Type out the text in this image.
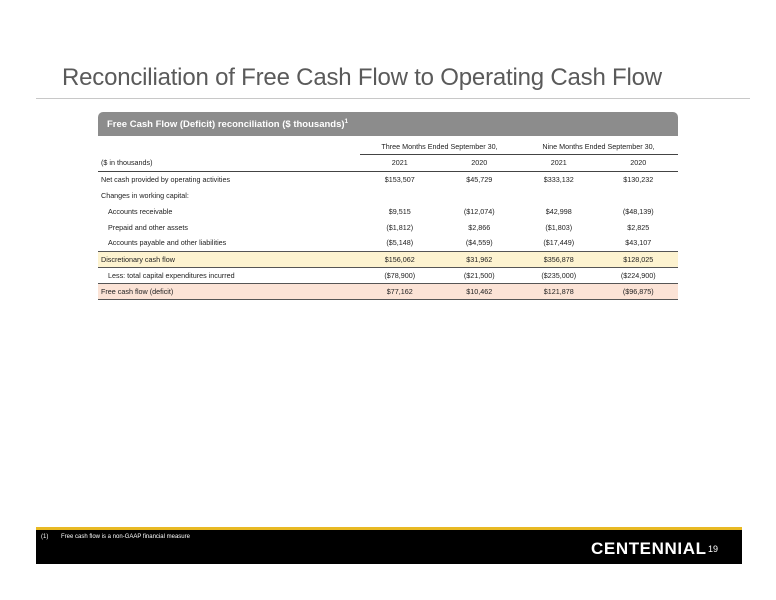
Reconciliation of Free Cash Flow to Operating Cash Flow
Free Cash Flow (Deficit) reconciliation ($ thousands)$^1$
	Three Months Ended September 30,		Nine Months Ended September 30,	
($ in thousands)	2021	2020	2021	2020
Net cash provided by operating activities	$153,507	$45,729	$333,132	$130,232
Changes in working capital:				
Accounts receivable	$9,515	($12,074)	$42,998	($48,139)
Prepaid and other assets	($1,812)	$2,866	($1,803)	$2,825
Accounts payable and other liabilities	($5,148)	($4,559)	($17,449)	$43,107
Discretionary cash flow	$156,062	$31,962	$356,878	$128,025
Less: total capital expenditures incurred	($78,900)	($21,500)	($235,000)	($224,900)
Free cash flow (deficit)	$77,162	$10,462	$121,878	($96,875)
(1) Free cash flow is a non-GAAP financial measure
CENTENNIAL 19
